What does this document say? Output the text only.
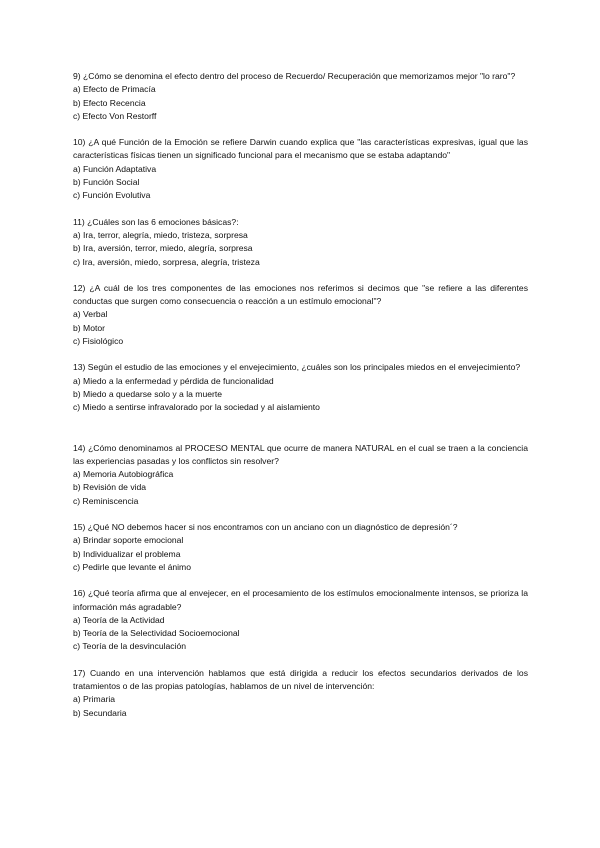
9) ¿Cómo se denomina el efecto dentro del proceso de Recuerdo/ Recuperación que memorizamos mejor "lo raro"?

a) Efecto de Primacía

b) Efecto Recencia

c) Efecto Von Restorff

10) ¿A qué Función de la Emoción se refiere Darwin cuando explica que "las características expresivas, igual que las características físicas tienen un significado funcional para el mecanismo que se estaba adaptando"

a) Función Adaptativa

b) Función Social

c) Función Evolutiva

11) ¿Cuáles son las 6 emociones básicas?:

a) Ira, terror, alegría, miedo, tristeza, sorpresa

b) Ira, aversión, terror, miedo, alegría, sorpresa

c) Ira, aversión, miedo, sorpresa, alegría, tristeza

12) ¿A cuál de los tres componentes de las emociones nos referimos si decimos que "se refiere a las diferentes conductas que surgen como consecuencia o reacción a un estímulo emocional"?

a) Verbal

b) Motor

c) Fisiológico

13) Según el estudio de las emociones y el envejecimiento, ¿cuáles son los principales miedos en el envejecimiento?

a) Miedo a la enfermedad y pérdida de funcionalidad

b) Miedo a quedarse solo y a la muerte

c) Miedo a sentirse infravalorado por la sociedad y al aislamiento

14) ¿Cómo denominamos al PROCESO MENTAL que ocurre de manera NATURAL en el cual se traen a la conciencia las experiencias pasadas y los conflictos sin resolver?

a) Memoria Autobiográfica

b) Revisión de vida

c) Reminiscencia

15) ¿Qué NO debemos hacer si nos encontramos con un anciano con un diagnóstico de depresión´?

a) Brindar soporte emocional

b) Individualizar el problema

c) Pedirle que levante el ánimo

16) ¿Qué teoría afirma que al envejecer, en el procesamiento de los estímulos emocionalmente intensos, se prioriza la información más agradable?

a) Teoría de la Actividad

b) Teoría de la Selectividad Socioemocional

c) Teoría de la desvinculación

17) Cuando en una intervención hablamos que está dirigida a reducir los efectos secundarios derivados de los tratamientos o de las propias patologías, hablamos de un nivel de intervención:

a) Primaria

b) Secundaria
